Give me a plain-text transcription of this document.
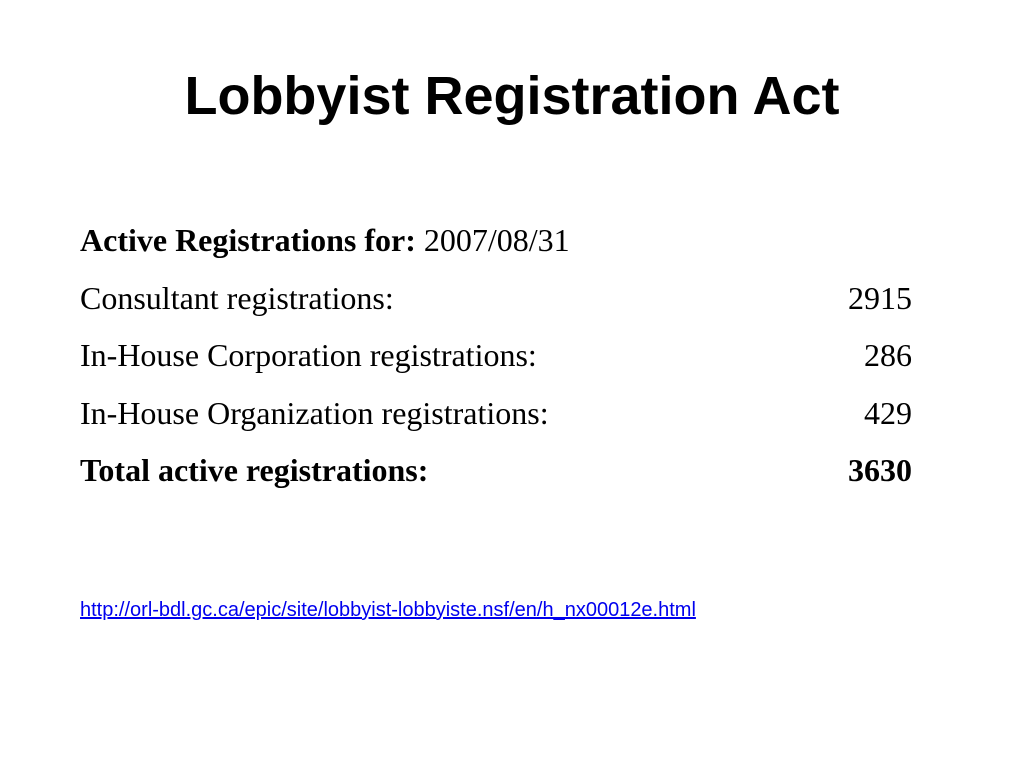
Lobbyist Registration Act
Active Registrations for: 2007/08/31
Consultant registrations:	2915
In-House Corporation registrations:	286
In-House Organization registrations:	429
Total active registrations:	3630
http://orl-bdl.gc.ca/epic/site/lobbyist-lobbyiste.nsf/en/h_nx00012e.html
